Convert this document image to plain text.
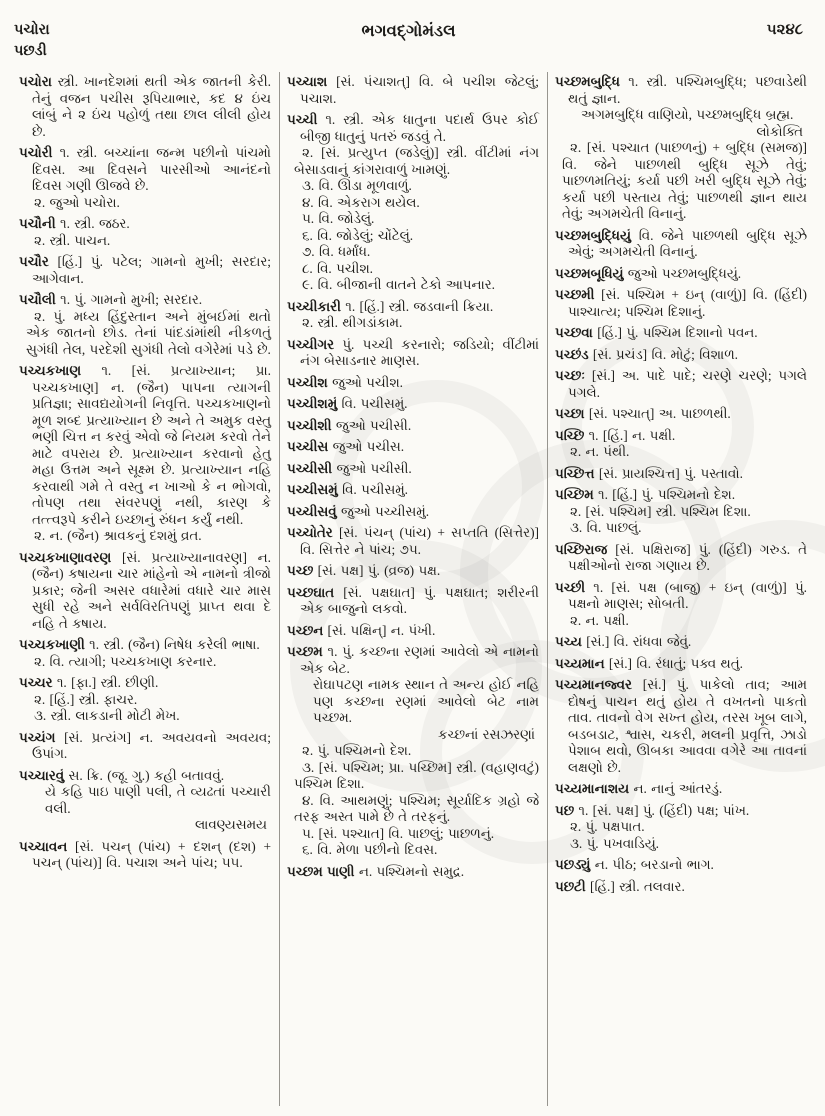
પચોરા
પછડી
ભગવદ્ગોમંડલ	૫૨૪૮

પચોરા સ્ત્રી. ખાનદેશમાં થતી એક જાતની કેરી. તેનું વજન પચીસ રૂપિયાભાર, કદ ૪ ઇંચ લાંબું ને ૨ ઇંચ પહોળું તથા છાલ લીલી હોય છે.

પચોરી ૧. સ્ત્રી. બચ્ચાંના જન્મ પછીનો પાંચમો દિવસ. આ દિવસને પારસીઓ આનંદનો દિવસ ગણી ઊજવે છે.

૨. જુઓ પચોરા.

પચૌની ૧. સ્ત્રી. જઠર.

૨. સ્ત્રી. પાચન.

પચૌર [હિં.] પું. પટેલ; ગામનો મુખી; સરદાર; આગેવાન.

પચૌલી ૧. પું. ગામનો મુખી; સરદાર.

૨. પું. મધ્ય હિંદુસ્તાન અને મુંબઈમાં થતો એક જાતનો છોડ. તેનાં પાંદડાંમાંથી નીકળતું સુગંધી તેલ, પરદેશી સુગંધી તેલો વગેરેમાં પડે છે.

પચ્ચકખાણ ૧. [સં. પ્રત્યાખ્યાન; પ્રા. પચ્ચકખાણ] ન. (જૈન) પાપના ત્યાગની પ્રતિજ્ઞા; સાવદ્યયોગની નિવૃત્તિ. પચ્ચકખાણનો મૂળ શબ્દ પ્રત્યાખ્યાન છે અને તે અમુક વસ્તુ ભણી ચિત્ત ન કરવું એવો જે નિયમ કરવો તેને માટે વપરાય છે. પ્રત્યાખ્યાન કરવાનો હેતુ મહા ઉત્તમ અને સૂક્ષ્મ છે. પ્રત્યાખ્યાન નહિ કરવાથી ગમે તે વસ્તુ ન ખાઓ કે ન ભોગવો, તોપણ તથા સંવરપણું નથી, કારણ કે તત્ત્વરૂપે કરીને ઇચ્છાનું રુંધન કર્યું નથી.

૨. ન. (જૈન) શ્રાવકનું દશમું વ્રત.

પચ્ચકખાણાવરણ [સં. પ્રત્યાખ્યાનાવરણ] ન. (જૈન) કષાયના ચાર માંહેનો એ નામનો ત્રીજો પ્રકાર; જેની અસર વધારેમાં વધારે ચાર માસ સુધી રહે અને સર્વવિરતિપણું પ્રાપ્ત થવા દે નહિ તે કષાય.

પચ્ચકખાણી ૧. સ્ત્રી. (જૈન) નિષેધ કરેલી ભાષા.

૨. વિ. ત્યાગી; પચ્ચકખાણ કરનાર.

પચ્ચર ૧. [ફા.] સ્ત્રી. છીણી.

૨. [હિં.] સ્ત્રી. ફાચર.

૩. સ્ત્રી. લાકડાની મોટી મેખ.

પચ્ચંગ [સં. પ્રત્યંગ] ન. અવયવનો અવયવ; ઉપાંગ.

પચ્ચારવું સ. ક્રિ. (જૂ. ગુ.) કહી બતાવવું.

યે કહિ પાઇ પાણી પલી, તે વ્યઢતાં પચ્ચારી વલી.

લાવણ્યસમય

પચ્ચાવન [સં. પચન્ (પાંચ) + દશન્ (દશ) + પચન્ (પાંચ)] વિ. પચાશ અને પાંચ; ૫૫.

પચ્ચાશ [સં. પંચાશત્] વિ. બે પચીશ જેટલું; પચાશ.

પચ્ચી ૧. સ્ત્રી. એક ધાતુના પદાર્થ ઉપર કોઈ બીજી ધાતુનું પતરું જડવું તે.

૨. [સં. પ્રત્યુપ્ત (જડેલું)] સ્ત્રી. વીંટીમાં નંગ બેસાડવાનું કાંગરાવાળું ખામણું.

૩. વિ. ઊંડા મૂળવાળું.

૪. વિ. એકરાગ થયેલ.

૫. વિ. જોડેલું.

૬. વિ. જોડેલું; ચોંટેલું.

૭. વિ. ધર્માંધ.

૮. વિ. પચીશ.

૯. વિ. બીજાની વાતને ટેકો આપનાર.

પચ્ચીકારી ૧. [હિં.] સ્ત્રી. જડવાની ક્રિયા.

૨. સ્ત્રી. થીગડાંકામ.

પચ્ચીગર પું. પચ્ચી કરનારો; જડિયો; વીંટીમાં નંગ બેસાડનાર માણસ.

પચ્ચીશ જુઓ પચીશ.

પચ્ચીશમું વિ. પચીસમું.

પચ્ચીશી જુઓ પચીસી.

પચ્ચીસ જુઓ પચીસ.

પચ્ચીસી જુઓ પચીસી.

પચ્ચીસમું વિ. પચીસમું.

પચ્ચીસવું જુઓ પચ્ચીસમું.

પચ્ચોતેર [સં. પંચન્ (પાંચ) + સપ્તતિ (સિત્તેર)] વિ. સિત્તેર ને પાંચ; ૭૫.

પચ્છ [સં. પક્ષ] પું. (વ્રજ) પક્ષ.

પચ્છઘાત [સં. પક્ષઘાત] પું. પક્ષઘાત; શરીરની એક બાજુનો લકવો.

પચ્છન [સં. પક્ષિન્] ન. પંખી.

પચ્છમ ૧. પું. કચ્છના રણમાં આવેલો એ નામનો એક બેટ.

રોઘાપટણ નામક સ્થાન તે અન્ય હોઈ નહિ પણ કચ્છના રણમાં આવેલો બેટ નામ પચ્છમ.

કચ્છનાં રસઝરણાં

૨. પું. પશ્ચિમનો દેશ.

૩. [સં. પશ્ચિમ; પ્રા. પચ્છિમ] સ્ત્રી. (વહાણવટું) પશ્ચિમ દિશા.

૪. વિ. આથમણું; પશ્ચિમ; સૂર્યાદિક ગ્રહો જે તરફ અસ્ત પામે છે તે તરફનું.

૫. [સં. પશ્ચાત] વિ. પાછલું; પાછળનું.

૬. વિ. મેળા પછીનો દિવસ.

પચ્છમ પાણી ન. પશ્ચિમનો સમુદ્ર.

પચ્છમબુદ્ધિ ૧. સ્ત્રી. પશ્ચિમબુદ્ધિ; પછવાડેથી થતું જ્ઞાન.

અગમબુદ્ધિ વાણિયો, પચ્છમબુદ્ધિ બ્રહ્મ.

લોકોક્તિ

૨. [સં. પશ્ચાત (પાછળનું) + બુદ્ધિ (સમજ)] વિ. જેને પાછળથી બુદ્ધિ સૂઝે તેવું; પાછળમતિયું; કર્યા પછી ખરી બુદ્ધિ સૂઝે તેવું; કર્યા પછી પસ્તાય તેવું; પાછળથી જ્ઞાન થાય તેવું; અગમચેતી વિનાનું.

પચ્છમબુદ્ધિયું વિ. જેને પાછળથી બુદ્ધિ સૂઝે એવું; અગમચેતી વિનાનું.

પચ્છમબૂધિયું જુઓ પચ્છમબુદ્ધિયું.

પચ્છમી [સં. પશ્ચિમ + ઇન્ (વાળું)] વિ. (હિંદી) પાશ્ચાત્ય; પશ્ચિમ દિશાનું.

પચ્છવા [હિં.] પું. પશ્ચિમ દિશાનો પવન.

પચ્છંડ [સં. પ્રચંડ] વિ. મોટું; વિશાળ.

પચ્છઃ [સં.] અ. પાદે પાદે; ચરણે ચરણે; પગલે પગલે.

પચ્છા [સં. પશ્ચાત્] અ. પાછળથી.

પચ્છિ ૧. [હિં.] ન. પક્ષી.

૨. ન. પંથી.

પચ્છિત્ત [સં. પ્રાયશ્ચિત્ત] પું. પસ્તાવો.

પચ્છિમ ૧. [હિં.] પું. પશ્ચિમનો દેશ.

૨. [સં. પશ્ચિમ] સ્ત્રી. પશ્ચિમ દિશા.

૩. વિ. પાછલું.

પચ્છિરાજ [સં. પક્ષિરાજ] પું. (હિંદી) ગરુડ. તે પક્ષીઓનો રાજા ગણાય છે.

પચ્છી ૧. [સં. પક્ષ (બાજુ) + ઇન્ (વાળું)] પું. પક્ષનો માણસ; સોબતી.

૨. ન. પક્ષી.

પચ્ય [સં.] વિ. રાંધવા જેવું.

પચ્યમાન [સં.] વિ. રંધાતું; પક્વ થતું.

પચ્યમાનજ્વર [સં.] પું. પાકેલો તાવ; આમ દોષનું પાચન થતું હોય તે વખતનો પાકતો તાવ. તાવનો વેગ સખ્ત હોય, તરસ ખૂબ લાગે, બડબડાટ, શ્વાસ, ચકરી, મલની પ્રવૃત્તિ, ઝાડો પેશાબ થવો, ઊબકા આવવા વગેરે આ તાવનાં લક્ષણો છે.

પચ્યમાનાશય ન. નાનું આંતરડું.

પછ ૧. [સં. પક્ષ] પું. (હિંદી) પક્ષ; પાંખ.

૨. પું. પક્ષપાત.

૩. પું. પખવાડિયું.

પછડ્યું ન. પીઠ; બરડાનો ભાગ.

પછટી [હિં.] સ્ત્રી. તલવાર.
